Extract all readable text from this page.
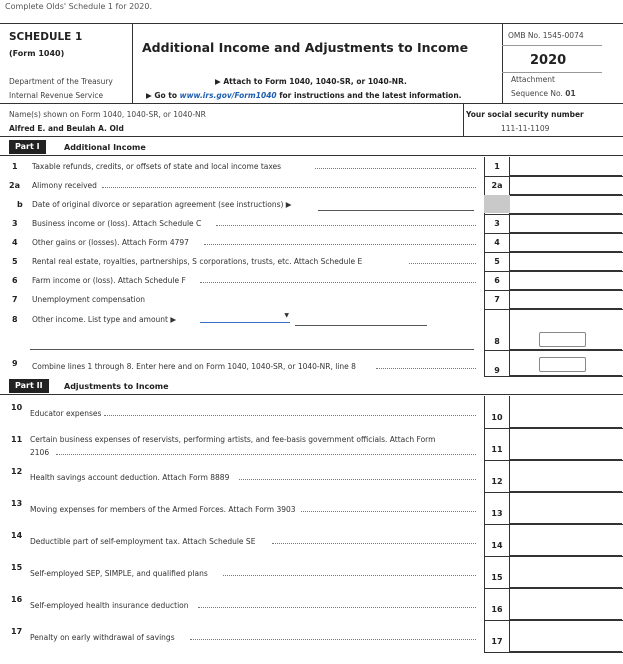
Complete Olds' Schedule 1 for 2020.
SCHEDULE 1
(Form 1040)
Department of the Treasury
Internal Revenue Service
Additional Income and Adjustments to Income
▶ Attach to Form 1040, 1040-SR, or 1040-NR.
▶ Go to www.irs.gov/Form1040 for instructions and the latest information.
OMB No. 1545-0074
2020
Attachment
Sequence No. 01
Name(s) shown on Form 1040, 1040-SR, or 1040-NR
Alfred E. and Beulah A. Old
Your social security number
111-11-1109
Part I	Additional Income
1 Taxable refunds, credits, or offsets of state and local income taxes	1
2a Alimony received	2a
b Date of original divorce or separation agreement (see instructions) ▶
3 Business income or (loss). Attach Schedule C	3
4 Other gains or (losses). Attach Form 4797	4
5 Rental real estate, royalties, partnerships, S corporations, trusts, etc. Attach Schedule E	5
6 Farm income or (loss). Attach Schedule F	6
7 Unemployment compensation	7
8 Other income. List type and amount ▶
8
9 Combine lines 1 through 8. Enter here and on Form 1040, 1040-SR, or 1040-NR, line 8	9
▼
Part II	Adjustments to Income
10
Educator expenses	10
11 Certain business expenses of reservists, performing artists, and fee-basis government officials. Attach Form
2106	11
12
Health savings account deduction. Attach Form 8889	12
13
Moving expenses for members of the Armed Forces. Attach Form 3903	13
14
Deductible part of self-employment tax. Attach Schedule SE	14
15
Self-employed SEP, SIMPLE, and qualified plans	15
16
Self-employed health insurance deduction	16
17
Penalty on early withdrawal of savings	17
